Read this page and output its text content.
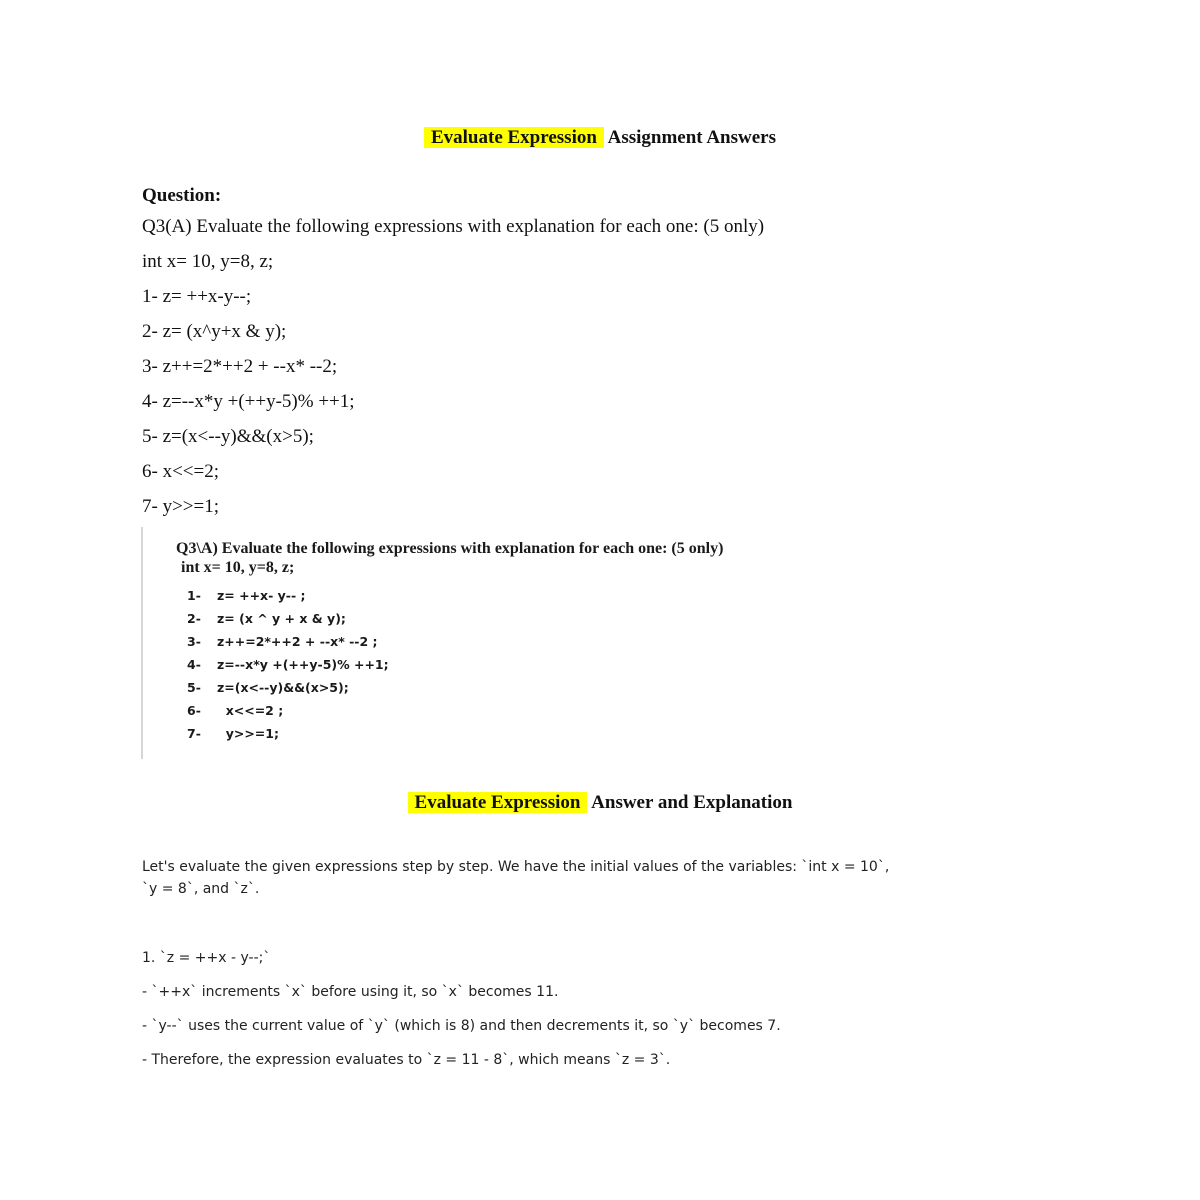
Evaluate Expression Assignment Answers
Question:
Q3(A) Evaluate the following expressions with explanation for each one: (5 only)
int x= 10, y=8, z;
1- z= ++x-y--;
2- z= (x^y+x & y);
3- z++=2*++2 + --x* --2;
4- z=--x*y +(++y-5)% ++1;
5- z=(x<--y)&&(x>5);
6- x<<=2;
7- y>>=1;
Q3\A) Evaluate the following expressions with explanation for each one: (5 only)
int x= 10, y=8, z;
1- z= ++x- y-- ;
2- z= (x ^ y + x & y);
3- z++=2*++2 + --x* --2 ;
4- z=--x*y +(++y-5)% ++1;
5- z=(x<--y)&&(x>5);
6-  x<<=2 ;
7-  y>>=1;
Evaluate Expression Answer and Explanation
Let's evaluate the given expressions step by step. We have the initial values of the variables: `int x = 10`,
`y = 8`, and `z`.
1. `z = ++x - y--;`
- `++x` increments `x` before using it, so `x` becomes 11.
- `y--` uses the current value of `y` (which is 8) and then decrements it, so `y` becomes 7.
- Therefore, the expression evaluates to `z = 11 - 8`, which means `z = 3`.
